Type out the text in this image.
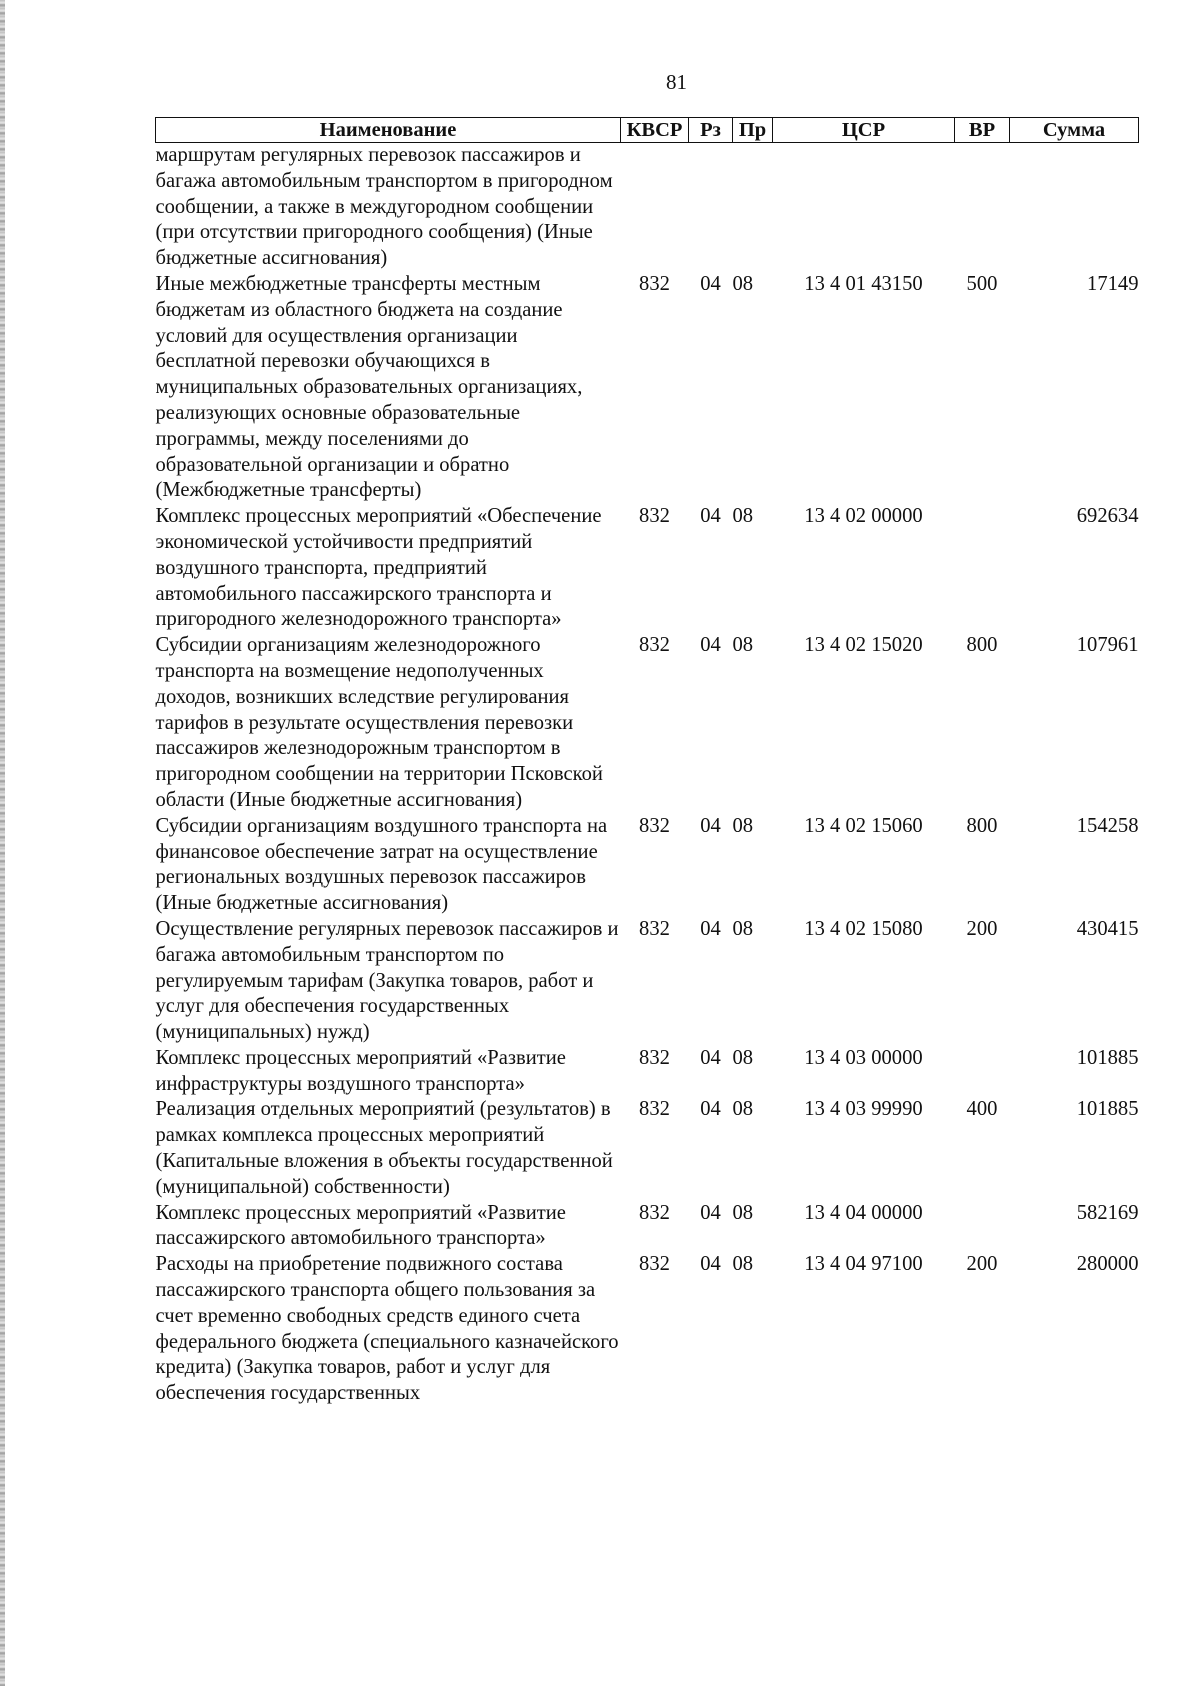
81
Наименование	КВСР	Рз	Пр	ЦСР	ВР	Сумма
маршрутам регулярных перевозок пассажиров и багажа автомобильным транспортом в пригородном сообщении, а также в междугородном сообщении (при отсутствии пригородного сообщения) (Иные бюджетные ассигнования)						
Иные межбюджетные трансферты местным бюджетам из областного бюджета на создание условий для осуществления организации бесплатной перевозки обучающихся в муниципальных образовательных организациях, реализующих основные образовательные программы, между поселениями до образовательной организации и обратно (Межбюджетные трансферты)	832	04	08	13 4 01 43150	500	17149
Комплекс процессных мероприятий «Обеспечение экономической устойчивости предприятий воздушного транспорта, предприятий автомобильного пассажирского транспорта и пригородного железнодорожного транспорта»	832	04	08	13 4 02 00000		692634
Субсидии организациям железнодорожного транспорта на возмещение недополученных доходов, возникших вследствие регулирования тарифов в результате осуществления перевозки пассажиров железнодорожным транспортом в пригородном сообщении на территории Псковской области (Иные бюджетные ассигнования)	832	04	08	13 4 02 15020	800	107961
Субсидии организациям воздушного транспорта на финансовое обеспечение затрат на осуществление региональных воздушных перевозок пассажиров (Иные бюджетные ассигнования)	832	04	08	13 4 02 15060	800	154258
Осуществление регулярных перевозок пассажиров и багажа автомобильным транспортом по регулируемым тарифам (Закупка товаров, работ и услуг для обеспечения государственных (муниципальных) нужд)	832	04	08	13 4 02 15080	200	430415
Комплекс процессных мероприятий «Развитие инфраструктуры воздушного транспорта»	832	04	08	13 4 03 00000		101885
Реализация отдельных мероприятий (результатов) в рамках комплекса процессных мероприятий (Капитальные вложения в объекты государственной (муниципальной) собственности)	832	04	08	13 4 03 99990	400	101885
Комплекс процессных мероприятий «Развитие пассажирского автомобильного транспорта»	832	04	08	13 4 04 00000		582169
Расходы на приобретение подвижного состава пассажирского транспорта общего пользования за счет временно свободных средств единого счета федерального бюджета (специального казначейского кредита) (Закупка товаров, работ и услуг для обеспечения государственных	832	04	08	13 4 04 97100	200	280000
